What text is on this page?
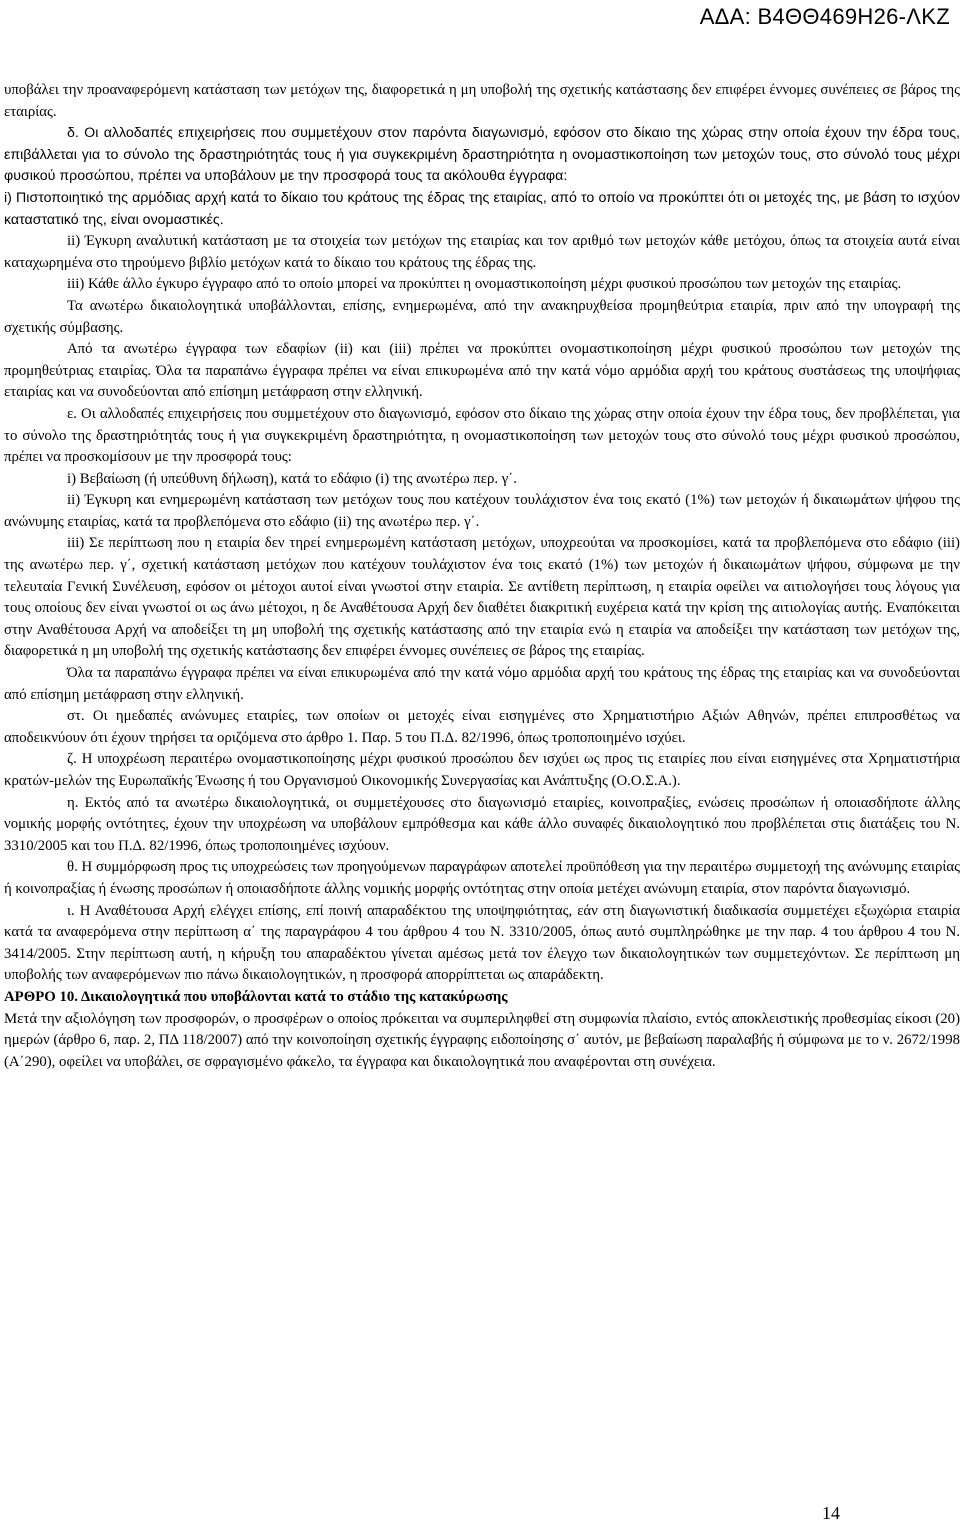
ΑΔΑ: Β4ΘΘ469Η26-ΛΚΖ

υποβάλει την προαναφερόμενη κατάσταση των μετόχων της, διαφορετικά η μη υποβολή της σχετικής κατάστασης δεν επιφέρει έννομες συνέπειες σε βάρος της εταιρίας.

δ. Οι αλλοδαπές επιχειρήσεις που συμμετέχουν στον παρόντα διαγωνισμό, εφόσον στο δίκαιο της χώρας στην οποία έχουν την έδρα τους, επιβάλλεται για το σύνολο της δραστηριότητάς τους ή για συγκεκριμένη δραστηριότητα η ονομαστικοποίηση των μετοχών τους, στο σύνολό τους μέχρι φυσικού προσώπου, πρέπει να υποβάλουν με την προσφορά τους τα ακόλουθα έγγραφα:

i) Πιστοποιητικό της αρμόδιας αρχή κατά το δίκαιο του κράτους της έδρας της εταιρίας, από το οποίο να προκύπτει ότι οι μετοχές της, με βάση το ισχύον καταστατικό της, είναι ονομαστικές.

ii) Έγκυρη αναλυτική κατάσταση με τα στοιχεία των μετόχων της εταιρίας και τον αριθμό των μετοχών κάθε μετόχου, όπως τα στοιχεία αυτά είναι καταχωρημένα στο τηρούμενο βιβλίο μετόχων κατά το δίκαιο του κράτους της έδρας της.

iii) Κάθε άλλο έγκυρο έγγραφο από το οποίο μπορεί να προκύπτει η ονομαστικοποίηση μέχρι φυσικού προσώπου των μετοχών της εταιρίας.

Τα ανωτέρω δικαιολογητικά υποβάλλονται, επίσης, ενημερωμένα, από την ανακηρυχθείσα προμηθεύτρια εταιρία, πριν από την υπογραφή της σχετικής σύμβασης.

Από τα ανωτέρω έγγραφα των εδαφίων (ii) και (iii) πρέπει να προκύπτει ονομαστικοποίηση μέχρι φυσικού προσώπου των μετοχών της προμηθεύτριας εταιρίας. Όλα τα παραπάνω έγγραφα πρέπει να είναι επικυρωμένα από την κατά νόμο αρμόδια αρχή του κράτους συστάσεως της υποψήφιας εταιρίας και να συνοδεύονται από επίσημη μετάφραση στην ελληνική.

ε. Οι αλλοδαπές επιχειρήσεις που συμμετέχουν στο διαγωνισμό, εφόσον στο δίκαιο της χώρας στην οποία έχουν την έδρα τους, δεν προβλέπεται, για το σύνολο της δραστηριότητάς τους ή για συγκεκριμένη δραστηριότητα, η ονομαστικοποίηση των μετοχών τους στο σύνολό τους μέχρι φυσικού προσώπου, πρέπει να προσκομίσουν με την προσφορά τους:

i) Βεβαίωση (ή υπεύθυνη δήλωση), κατά το εδάφιο (i) της ανωτέρω περ. γ΄.

ii) Έγκυρη και ενημερωμένη κατάσταση των μετόχων τους που κατέχουν τουλάχιστον ένα τοις εκατό (1%) των μετοχών ή δικαιωμάτων ψήφου της ανώνυμης εταιρίας, κατά τα προβλεπόμενα στο εδάφιο (ii) της ανωτέρω περ. γ΄.

iii) Σε περίπτωση που η εταιρία δεν τηρεί ενημερωμένη κατάσταση μετόχων, υποχρεούται να προσκομίσει, κατά τα προβλεπόμενα στο εδάφιο (iii) της ανωτέρω περ. γ΄, σχετική κατάσταση μετόχων που κατέχουν τουλάχιστον ένα τοις εκατό (1%) των μετοχών ή δικαιωμάτων ψήφου, σύμφωνα με την τελευταία Γενική Συνέλευση, εφόσον οι μέτοχοι αυτοί είναι γνωστοί στην εταιρία. Σε αντίθετη περίπτωση, η εταιρία οφείλει να αιτιολογήσει τους λόγους για τους οποίους δεν είναι γνωστοί οι ως άνω μέτοχοι, η δε Αναθέτουσα Αρχή δεν διαθέτει διακριτική ευχέρεια κατά την κρίση της αιτιολογίας αυτής. Εναπόκειται στην Αναθέτουσα Αρχή να αποδείξει τη μη υποβολή της σχετικής κατάστασης από την εταιρία ενώ η εταιρία να αποδείξει την κατάσταση των μετόχων της, διαφορετικά η μη υποβολή της σχετικής κατάστασης δεν επιφέρει έννομες συνέπειες σε βάρος της εταιρίας.

Όλα τα παραπάνω έγγραφα πρέπει να είναι επικυρωμένα από την κατά νόμο αρμόδια αρχή του κράτους της έδρας της εταιρίας και να συνοδεύονται από επίσημη μετάφραση στην ελληνική.

στ. Οι ημεδαπές ανώνυμες εταιρίες, των οποίων οι μετοχές είναι εισηγμένες στο Χρηματιστήριο Αξιών Αθηνών, πρέπει επιπροσθέτως να αποδεικνύουν ότι έχουν τηρήσει τα οριζόμενα στο άρθρο 1. Παρ. 5 του Π.Δ. 82/1996, όπως τροποποιημένο ισχύει.

ζ. Η υποχρέωση περαιτέρω ονομαστικοποίησης μέχρι φυσικού προσώπου δεν ισχύει ως προς τις εταιρίες που είναι εισηγμένες στα Χρηματιστήρια κρατών-μελών της Ευρωπαϊκής Ένωσης ή του Οργανισμού Οικονομικής Συνεργασίας και Ανάπτυξης (Ο.Ο.Σ.Α.).

η. Εκτός από τα ανωτέρω δικαιολογητικά, οι συμμετέχουσες στο διαγωνισμό εταιρίες, κοινοπραξίες, ενώσεις προσώπων ή οποιασδήποτε άλλης νομικής μορφής οντότητες, έχουν την υποχρέωση να υποβάλουν εμπρόθεσμα και κάθε άλλο συναφές δικαιολογητικό που προβλέπεται στις διατάξεις του Ν. 3310/2005 και του Π.Δ. 82/1996, όπως τροποποιημένες ισχύουν.

θ. Η συμμόρφωση προς τις υποχρεώσεις των προηγούμενων παραγράφων αποτελεί προϋπόθεση για την περαιτέρω συμμετοχή της ανώνυμης εταιρίας ή κοινοπραξίας ή ένωσης προσώπων ή οποιασδήποτε άλλης νομικής μορφής οντότητας στην οποία μετέχει ανώνυμη εταιρία, στον παρόντα διαγωνισμό.

ι. Η Αναθέτουσα Αρχή ελέγχει επίσης, επί ποινή απαραδέκτου της υποψηφιότητας, εάν στη διαγωνιστική διαδικασία συμμετέχει εξωχώρια εταιρία κατά τα αναφερόμενα στην περίπτωση α΄ της παραγράφου 4 του άρθρου 4 του Ν. 3310/2005, όπως αυτό συμπληρώθηκε με την παρ. 4 του άρθρου 4 του Ν. 3414/2005. Στην περίπτωση αυτή, η κήρυξη του απαραδέκτου γίνεται αμέσως μετά τον έλεγχο των δικαιολογητικών των συμμετεχόντων. Σε περίπτωση μη υποβολής των αναφερόμενων πιο πάνω δικαιολογητικών, η προσφορά απορρίπτεται ως απαράδεκτη.

ΑΡΘΡΟ 10. Δικαιολογητικά που υποβάλονται κατά το στάδιο της κατακύρωσης

Μετά την αξιολόγηση των προσφορών, ο προσφέρων ο οποίος πρόκειται να συμπεριληφθεί στη συμφωνία πλαίσιο, εντός αποκλειστικής προθεσμίας είκοσι (20) ημερών (άρθρο 6, παρ. 2, ΠΔ 118/2007) από την κοινοποίηση σχετικής έγγραφης ειδοποίησης σ΄ αυτόν, με βεβαίωση παραλαβής ή σύμφωνα με το ν. 2672/1998 (Α΄290), οφείλει να υποβάλει, σε σφραγισμένο φάκελο, τα έγγραφα και δικαιολογητικά που αναφέρονται στη συνέχεια.

14
